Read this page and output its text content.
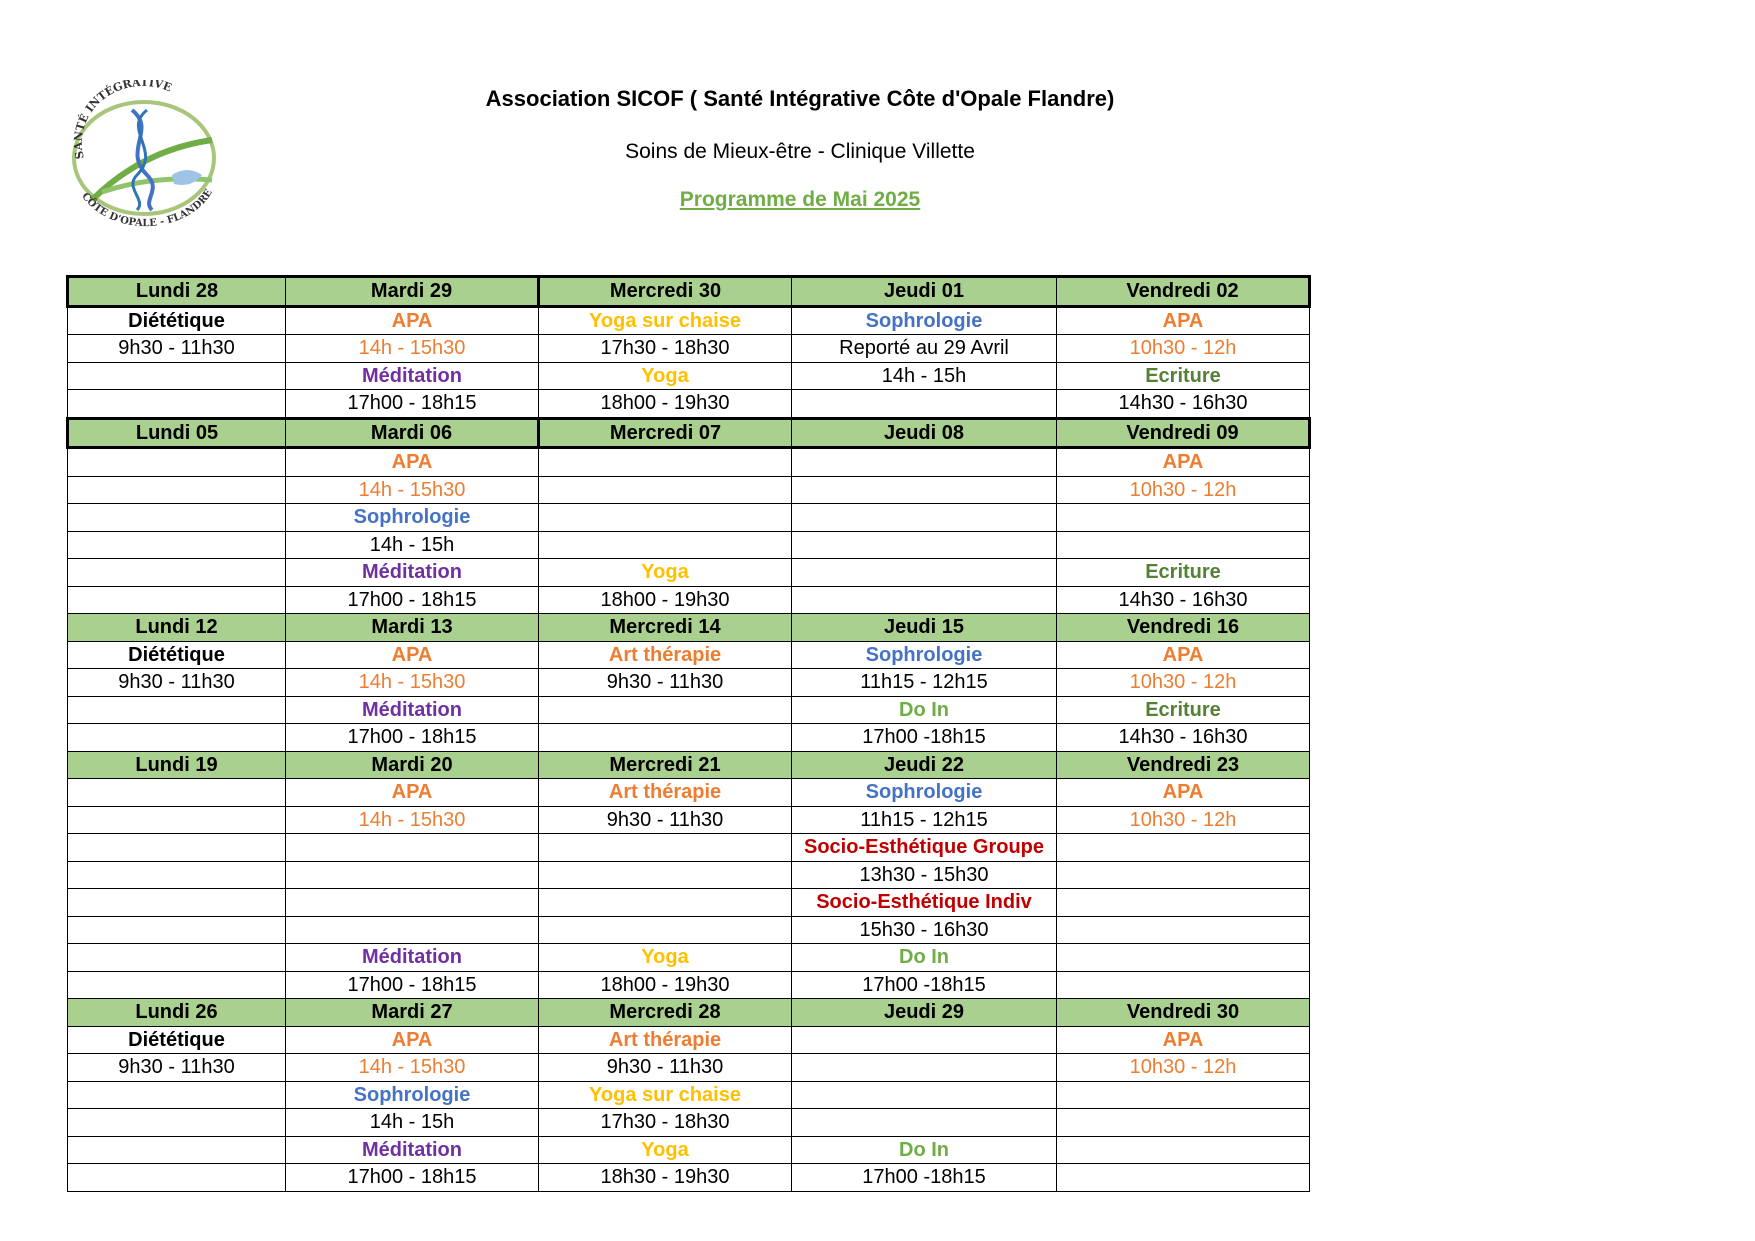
SANTÉ INTÉGRATIVE
CÔTE D'OPALE - FLANDRE
Association SICOF ( Santé Intégrative Côte d'Opale Flandre)
Soins de Mieux-être - Clinique Villette
Programme de Mai 2025
Lundi 28	Mardi 29	Mercredi 30	Jeudi 01	Vendredi 02
Diététique	APA	Yoga sur chaise	Sophrologie	APA
9h30 - 11h30	14h - 15h30	17h30 - 18h30	Reporté au 29 Avril	10h30 - 12h
	Méditation	Yoga	14h - 15h	Ecriture
	17h00 - 18h15	18h00 - 19h30		14h30 - 16h30
Lundi 05	Mardi 06	Mercredi 07	Jeudi 08	Vendredi 09
	APA			APA
	14h - 15h30			10h30 - 12h
	Sophrologie			
	14h - 15h			
	Méditation	Yoga		Ecriture
	17h00 - 18h15	18h00 - 19h30		14h30 - 16h30
Lundi 12	Mardi 13	Mercredi 14	Jeudi 15	Vendredi 16
Diététique	APA	Art thérapie	Sophrologie	APA
9h30 - 11h30	14h - 15h30	9h30 - 11h30	11h15 - 12h15	10h30 - 12h
	Méditation		Do In	Ecriture
	17h00 - 18h15		17h00 -18h15	14h30 - 16h30
Lundi 19	Mardi 20	Mercredi 21	Jeudi 22	Vendredi 23
	APA	Art thérapie	Sophrologie	APA
	14h - 15h30	9h30 - 11h30	11h15 - 12h15	10h30 - 12h
			Socio-Esthétique Groupe	
			13h30 - 15h30	
			Socio-Esthétique Indiv	
			15h30 - 16h30	
	Méditation	Yoga	Do In	
	17h00 - 18h15	18h00 - 19h30	17h00 -18h15	
Lundi 26	Mardi 27	Mercredi 28	Jeudi 29	Vendredi 30
Diététique	APA	Art thérapie		APA
9h30 - 11h30	14h - 15h30	9h30 - 11h30		10h30 - 12h
	Sophrologie	Yoga sur chaise		
	14h - 15h	17h30 - 18h30		
	Méditation	Yoga	Do In	
	17h00 - 18h15	18h30 - 19h30	17h00 -18h15	
